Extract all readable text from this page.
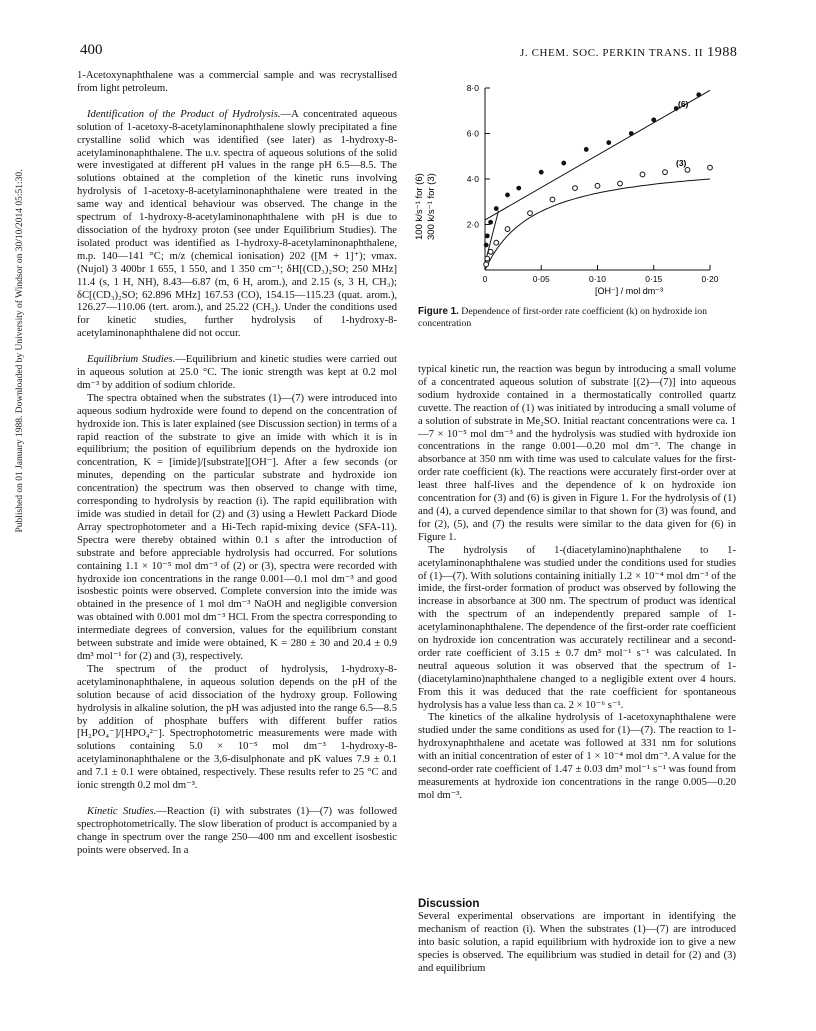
400	J. CHEM. SOC. PERKIN TRANS. II 1988
Published on 01 January 1988. Downloaded by University of Windsor on 30/10/2014 05:51:30.

1-Acetoxynaphthalene was a commercial sample and was recrystallised from light petroleum.

Identification of the Product of Hydrolysis.—A concentrated aqueous solution of 1-acetoxy-8-acetylaminonaphthalene slowly precipitated a fine crystalline solid which was identified (see later) as 1-hydroxy-8-acetylaminonaphthalene. The u.v. spectra of aqueous solutions of the solid were investigated at different pH values in the range pH 6.5—8.5. The solutions obtained at the completion of the kinetic runs involving hydrolysis of 1-acetoxy-8-acetylaminonaphthalene were treated in the same way and identical behaviour was observed. The change in the spectrum of 1-hydroxy-8-acetylaminonaphthalene with pH is due to dissociation of the hydroxy proton (see under Equilibrium Studies). The isolated product was identified as 1-hydroxy-8-acetylaminonaphthalene, m.p. 140—141 °C; m/z (chemical ionisation) 202 ([M + 1]⁺); νmax.(Nujol) 3 400br 1 655, 1 550, and 1 350 cm⁻¹; δH[(CD₃)₂SO; 250 MHz] 11.4 (s, 1 H, NH), 8.43—6.87 (m, 6 H, arom.), and 2.15 (s, 3 H, CH₃); δC[(CD₃)₂SO; 62.896 MHz] 167.53 (CO), 154.15—115.23 (quat. arom.), 126.27—110.06 (tert. arom.), and 25.22 (CH₃). Under the conditions used for kinetic studies, further hydrolysis of 1-hydroxy-8-acetylaminonaphthalene did not occur.

Equilibrium Studies.—Equilibrium and kinetic studies were carried out in aqueous solution at 25.0 °C. The ionic strength was kept at 0.2 mol dm⁻³ by addition of sodium chloride.

The spectra obtained when the substrates (1)—(7) were introduced into aqueous sodium hydroxide were found to depend on the concentration of hydroxide ion. This is later explained (see Discussion section) in terms of a rapid reaction of the substrate to give an imide with which it is in equilibrium; the position of equilibrium depends on the hydroxide ion concentration, K = [imide]/[substrate][OH⁻]. After a few seconds (or minutes, depending on the particular substrate and hydroxide ion concentration) the spectrum was then observed to change with time, corresponding to hydrolysis by reaction (i). The rapid equilibration with imide was studied in detail for (2) and (3) using a Hewlett Packard Diode Array spectrophotometer and a Hi-Tech rapid-mixing device (SFA-11). Spectra were thereby obtained within 0.1 s after the introduction of substrate and before appreciable hydrolysis had occurred. For solutions containing 1.1 × 10⁻⁵ mol dm⁻³ of (2) or (3), spectra were recorded with hydroxide ion concentrations in the range 0.001—0.1 mol dm⁻³ and good isosbestic points were observed. Complete conversion into the imide was obtained in the presence of 1 mol dm⁻³ NaOH and negligible conversion was obtained with 0.001 mol dm⁻³ HCl. From the spectra corresponding to intermediate degrees of conversion, values for the equilibrium constant between substrate and imide were obtained, K = 280 ± 30 and 20.4 ± 0.9 dm³ mol⁻¹ for (2) and (3), respectively.

The spectrum of the product of hydrolysis, 1-hydroxy-8-acetylaminonaphthalene, in aqueous solution depends on the pH of the solution because of acid dissociation of the hydroxy group. Following hydrolysis in alkaline solution, the pH was adjusted into the range 6.5—8.5 by addition of phosphate buffers with different buffer ratios [H₂PO₄⁻]/[HPO₄²⁻]. Spectrophotometric measurements were made with solutions containing 5.0 × 10⁻⁵ mol dm⁻³ 1-hydroxy-8-acetylaminonaphthalene or the 3,6-disulphonate and pK values 7.9 ± 0.1 and 7.1 ± 0.1 were obtained, respectively. These results refer to 25 °C and ionic strength 0.2 mol dm⁻³.

Kinetic Studies.—Reaction (i) with substrates (1)—(7) was followed spectrophotometrically. The slow liberation of product is accompanied by a change in spectrum over the range 250—400 nm and excellent isosbestic points were observed. In a

2·0
4·0
6·0
8·0
0	0·05	0·10	0·15	0·20
100 k/s⁻¹ for (6) 300 k/s⁻¹ for (3)
[OH⁻] / mol dm⁻³
(6)
(3)
Figure 1. Dependence of first-order rate coefficient (k) on hydroxide ion concentration

typical kinetic run, the reaction was begun by introducing a small volume of a concentrated aqueous solution of substrate [(2)—(7)] into aqueous sodium hydroxide contained in a thermostatically controlled quartz cuvette. The reaction of (1) was initiated by introducing a small volume of a solution of substrate in Me₂SO. Initial reactant concentrations were ca. 1—7 × 10⁻⁵ mol dm⁻³ and the hydrolysis was studied with hydroxide ion concentrations in the range 0.001—0.20 mol dm⁻³. The change in absorbance at 350 nm with time was used to calculate values for the first-order rate coefficient (k). The reactions were accurately first-order over at least three half-lives and the dependence of k on hydroxide ion concentration for (3) and (6) is given in Figure 1. For the hydrolysis of (1) and (4), a curved dependence similar to that shown for (3) was found, and for (2), (5), and (7) the results were similar to the data given for (6) in Figure 1.

The hydrolysis of 1-(diacetylamino)naphthalene to 1-acetylaminonaphthalene was studied under the conditions used for studies of (1)—(7). With solutions containing initially 1.2 × 10⁻⁴ mol dm⁻³ of the imide, the first-order formation of product was observed by following the increase in absorbance at 300 nm. The spectrum of product was identical with the spectrum of an independently prepared sample of 1-acetylaminonaphthalene. The dependence of the first-order rate coefficient on hydroxide ion concentration was accurately rectilinear and a second-order rate coefficient of 3.15 ± 0.7 dm³ mol⁻¹ s⁻¹ was calculated. In neutral aqueous solution it was observed that the spectrum of 1-(diacetylamino)naphthalene changed to a negligible extent over 4 hours. From this it was deduced that the rate coefficient for spontaneous hydrolysis has a value less than ca. 2 × 10⁻⁶ s⁻¹.

The kinetics of the alkaline hydrolysis of 1-acetoxynaphthalene were studied under the same conditions as used for (1)—(7). The reaction to 1-hydroxynaphthalene and acetate was followed at 331 nm for solutions with an initial concentration of ester of 1 × 10⁻⁴ mol dm⁻³. A value for the second-order rate coefficient of 1.47 ± 0.03 dm³ mol⁻¹ s⁻¹ was found from measurements at hydroxide ion concentrations in the range 0.005—0.20 mol dm⁻³.

Discussion

Several experimental observations are important in identifying the mechanism of reaction (i). When the substrates (1)—(7) are introduced into basic solution, a rapid equilibrium with hydroxide ion to give a new species is observed. The equilibrium was studied in detail for (2) and (3) and equilibrium
